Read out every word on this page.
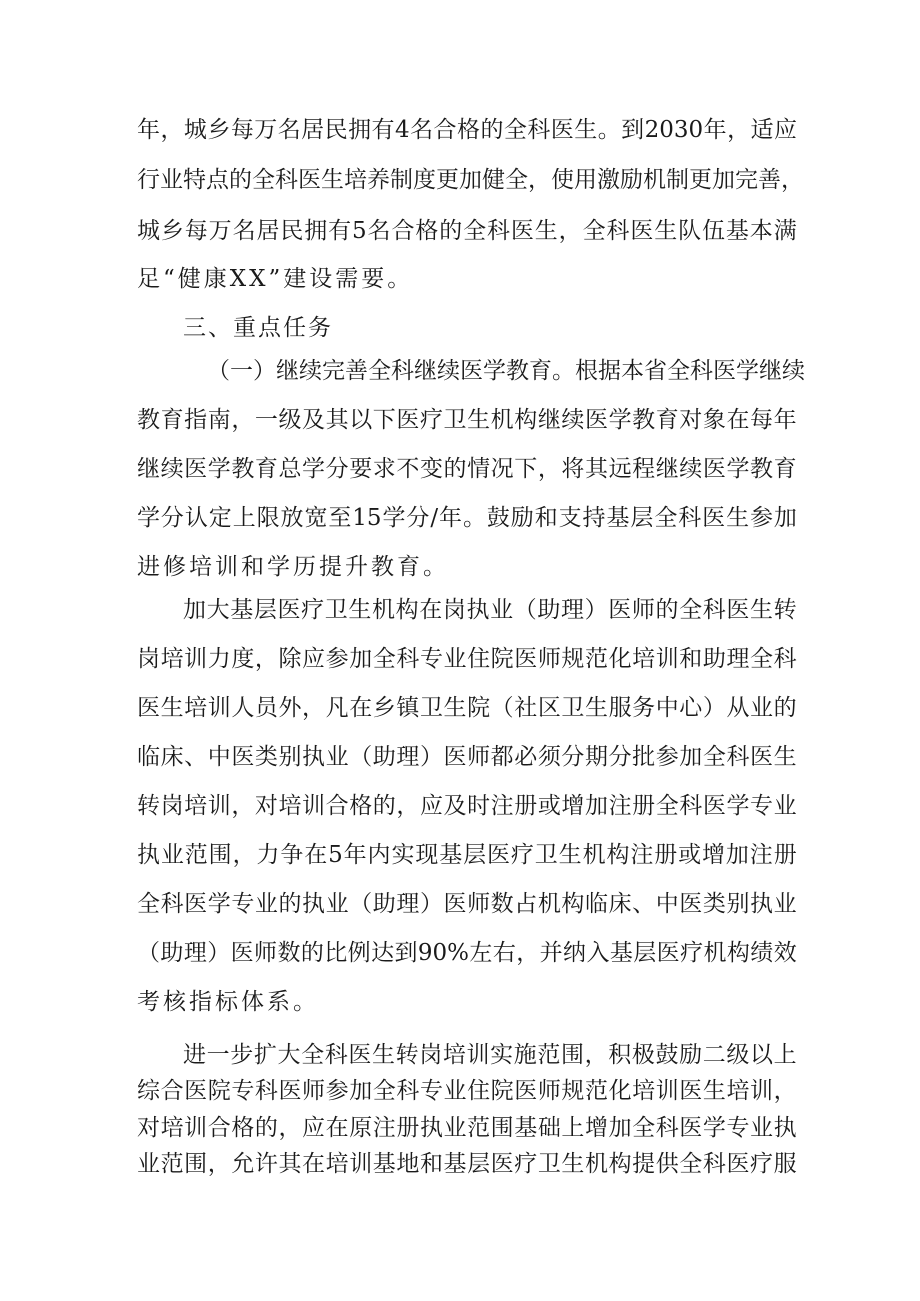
年 ， 城 乡 每 万 名 居 民 拥 有 4 名 合 格 的 全 科 医 生 。 到 2030 年 ， 适 应
行 业 特 点 的 全 科 医 生 培 养 制 度 更 加 健 全 ， 使 用 激 励 机 制 更 加 完 善 ，
城 乡 每 万 名 居 民 拥 有 5 名 合 格 的 全 科 医 生 ， 全 科 医 生 队 伍 基 本 满
足“健康XX”建设需要。
三、重点任务
（ 一 ） 继 续 完 善 全 科 继 续 医 学 教 育 。 根 据 本 省 全 科 医 学 继 续
教 育 指 南 ， 一 级 及 其 以 下 医 疗 卫 生 机 构 继 续 医 学 教 育 对 象 在 每 年
继 续 医 学 教 育 总 学 分 要 求 不 变 的 情 况 下 ， 将 其 远 程 继 续 医 学 教 育
学 分 认 定 上 限 放 宽 至 15 学 分 / 年 。 鼓 励 和 支 持 基 层 全 科 医 生 参 加
进修培训和学历提升教育。
加 大 基 层 医 疗 卫 生 机 构 在 岗 执 业 （ 助 理 ） 医 师 的 全 科 医 生 转
岗 培 训 力 度 ， 除 应 参 加 全 科 专 业 住 院 医 师 规 范 化 培 训 和 助 理 全 科
医 生 培 训 人 员 外 ， 凡 在 乡 镇 卫 生 院 （ 社 区 卫 生 服 务 中 心 ） 从 业 的
临 床 、 中 医 类 别 执 业 （ 助 理 ） 医 师 都 必 须 分 期 分 批 参 加 全 科 医 生
转 岗 培 训 ， 对 培 训 合 格 的 ， 应 及 时 注 册 或 增 加 注 册 全 科 医 学 专 业
执 业 范 围 ， 力 争 在 5 年 内 实 现 基 层 医 疗 卫 生 机 构 注 册 或 增 加 注 册
全 科 医 学 专 业 的 执 业 （ 助 理 ） 医 师 数 占 机 构 临 床 、 中 医 类 别 执 业
（ 助 理 ） 医 师 数 的 比 例 达 到 90% 左 右 ， 并 纳 入 基 层 医 疗 机 构 绩 效
考核指标体系。
进 一 步 扩 大 全 科 医 生 转 岗 培 训 实 施 范 围 ， 积 极 鼓 励 二 级 以 上
综 合 医 院 专 科 医 师 参 加 全 科 专 业 住 院 医 师 规 范 化 培 训 医 生 培 训 ，
对 培 训 合 格 的 ， 应 在 原 注 册 执 业 范 围 基 础 上 增 加 全 科 医 学 专 业 执
业 范 围 ， 允 许 其 在 培 训 基 地 和 基 层 医 疗 卫 生 机 构 提 供 全 科 医 疗 服
